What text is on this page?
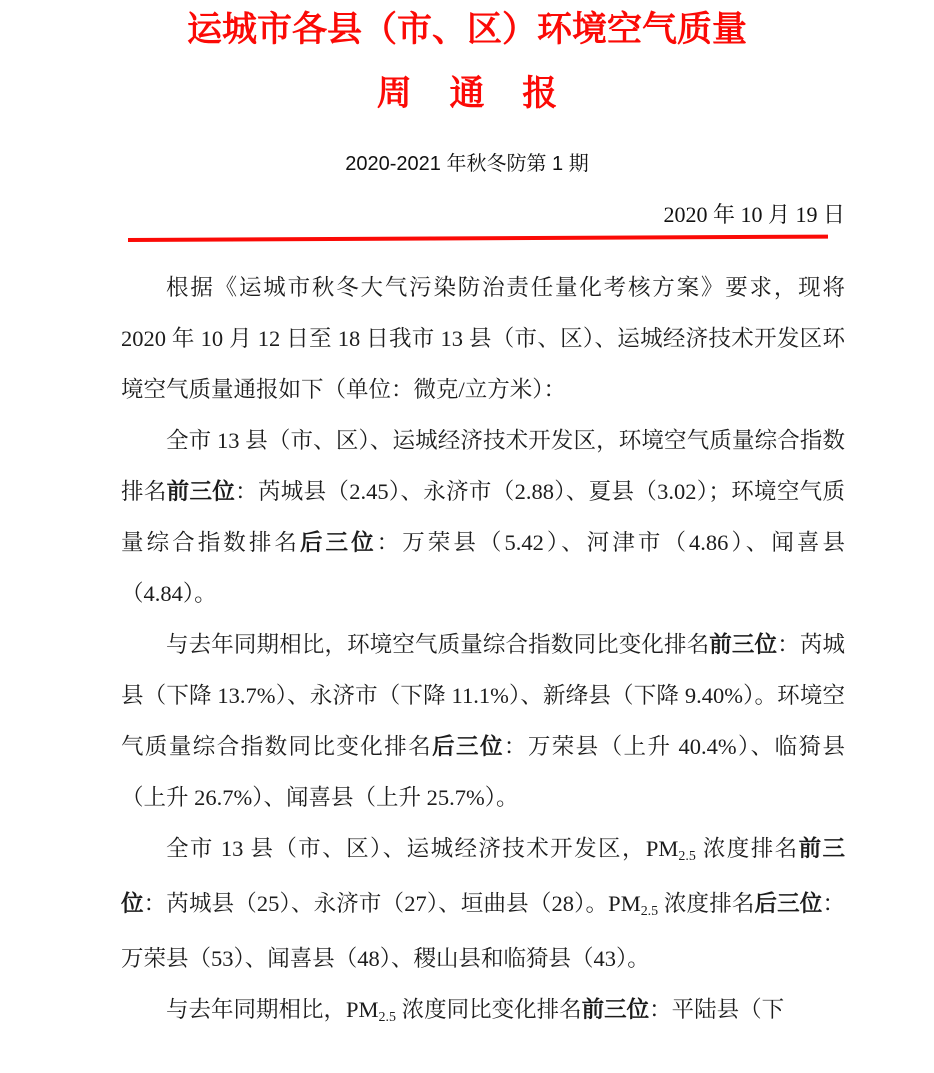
运城市各县（市、区）环境空气质量
周 通 报
2020-2021 年秋冬防第 1 期
2020 年 10 月 19 日

根据《运城市秋冬大气污染防治责任量化考核方案》要求，现将 2020 年 10 月 12 日至 18 日我市 13 县（市、区）、运城经济技术开发区环境空气质量通报如下（单位：微克/立方米）：

全市 13 县（市、区）、运城经济技术开发区，环境空气质量综合指数排名前三位：芮城县（2.45）、永济市（2.88）、夏县（3.02）；环境空气质量综合指数排名后三位：万荣县（5.42）、河津市（4.86）、闻喜县（4.84）。

与去年同期相比，环境空气质量综合指数同比变化排名前三位：芮城县（下降 13.7%）、永济市（下降 11.1%）、新绛县（下降 9.40%）。环境空气质量综合指数同比变化排名后三位：万荣县（上升 40.4%）、临猗县（上升 26.7%）、闻喜县（上升 25.7%）。

全市 13 县（市、区）、运城经济技术开发区，$PM_{2.5}$ 浓度排名前三位：芮城县（25）、永济市（27）、垣曲县（28）。$PM_{2.5}$ 浓度排名后三位：万荣县（53）、闻喜县（48）、稷山县和临猗县（43）。

与去年同期相比，$PM_{2.5}$ 浓度同比变化排名前三位：平陆县（下
